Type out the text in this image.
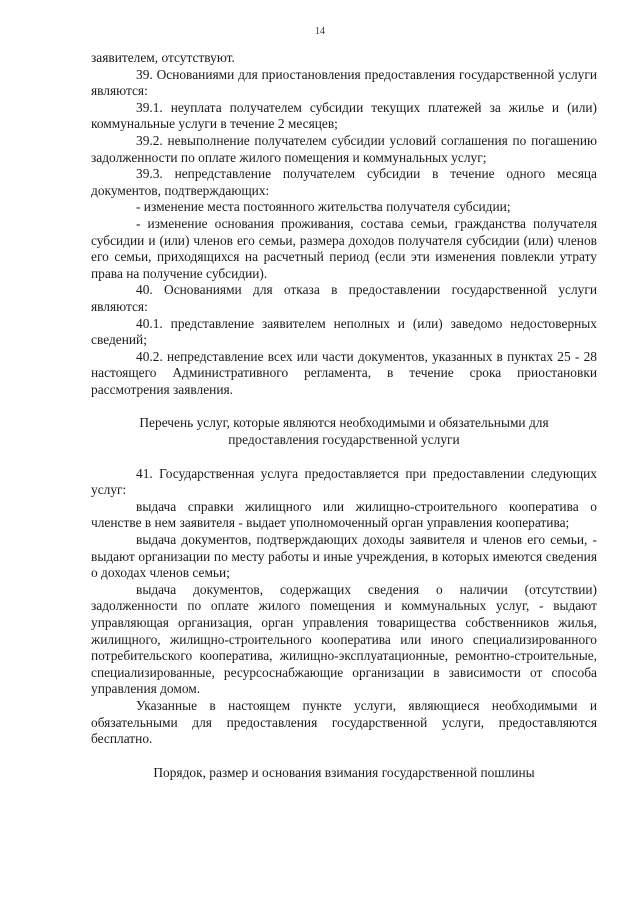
14

заявителем, отсутствуют.

39. Основаниями для приостановления предоставления государственной услуги являются:

39.1. неуплата получателем субсидии текущих платежей за жилье и (или) коммунальные услуги в течение 2 месяцев;

39.2. невыполнение получателем субсидии условий соглашения по погашению задолженности по оплате жилого помещения и коммунальных услуг;

39.3. непредставление получателем субсидии в течение одного месяца документов, подтверждающих:

- изменение места постоянного жительства получателя субсидии;

- изменение основания проживания, состава семьи, гражданства получателя субсидии и (или) членов его семьи, размера доходов получателя субсидии (или) членов его семьи, приходящихся на расчетный период (если эти изменения повлекли утрату права на получение субсидии).

40. Основаниями для отказа в предоставлении государственной услуги являются:

40.1. представление заявителем неполных и (или) заведомо недостоверных сведений;

40.2. непредставление всех или части документов, указанных в пунктах 25 - 28 настоящего Административного регламента, в течение срока приостановки рассмотрения заявления.

Перечень услуг, которые являются необходимыми и обязательными для предоставления государственной услуги

41. Государственная услуга предоставляется при предоставлении следующих услуг:

выдача справки жилищного или жилищно-строительного кооператива о членстве в нем заявителя - выдает уполномоченный орган управления кооператива;

выдача документов, подтверждающих доходы заявителя и членов его семьи, - выдают организации по месту работы и иные учреждения, в которых имеются сведения о доходах членов семьи;

выдача документов, содержащих сведения о наличии (отсутствии) задолженности по оплате жилого помещения и коммунальных услуг, - выдают управляющая организация, орган управления товарищества собственников жилья, жилищного, жилищно-строительного кооператива или иного специализированного потребительского кооператива, жилищно-эксплуатационные, ремонтно-строительные, специализированные, ресурсоснабжающие организации в зависимости от способа управления домом.

Указанные в настоящем пункте услуги, являющиеся необходимыми и обязательными для предоставления государственной услуги, предоставляются бесплатно.

Порядок, размер и основания взимания государственной пошлины
